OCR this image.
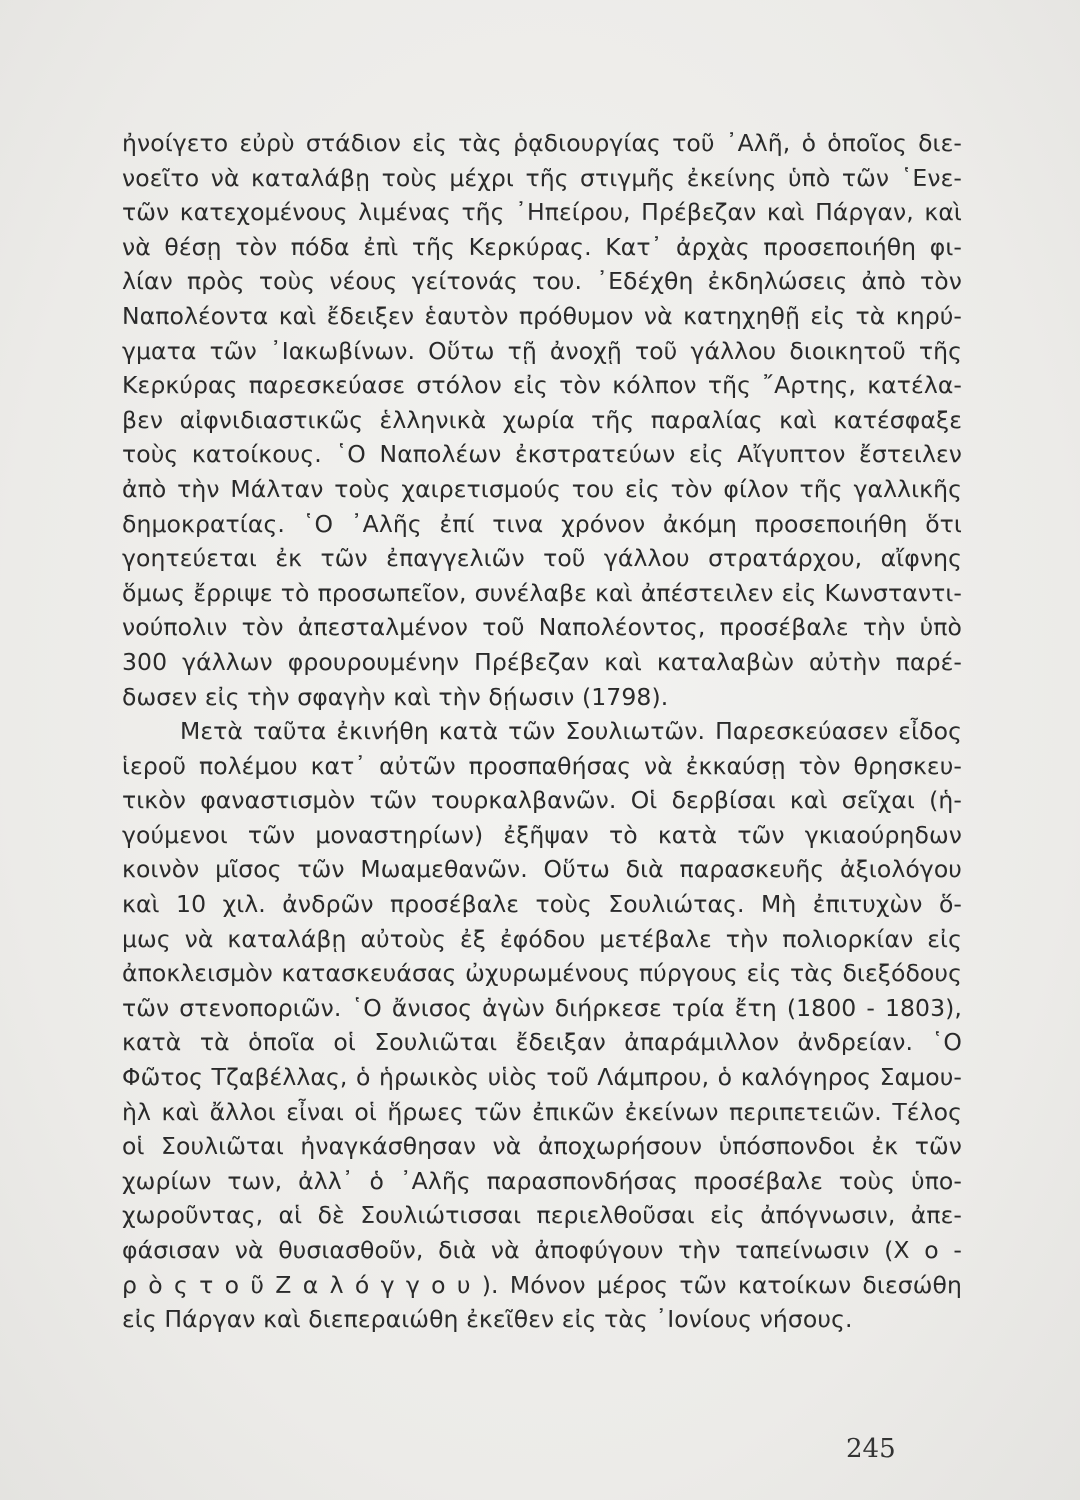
ἠνοίγετο εὐρὺ στάδιον εἰς τὰς ῥᾳδιουργίας τοῦ ᾿Αλῆ, ὁ ὁποῖος διε-
νοεῖτο νὰ καταλάβῃ τοὺς μέχρι τῆς στιγμῆς ἐκείνης ὑπὸ τῶν ῾Ενε-
τῶν κατεχομένους λιμένας τῆς ᾿Ηπείρου, Πρέβεζαν καὶ Πάργαν, καὶ
νὰ θέσῃ τὸν πόδα ἐπὶ τῆς Κερκύρας. Κατ᾿ ἀρχὰς προσεποιήθη φι-
λίαν πρὸς τοὺς νέους γείτονάς του. ᾿Εδέχθη ἐκδηλώσεις ἀπὸ τὸν
Ναπολέοντα καὶ ἔδειξεν ἑαυτὸν πρόθυμον νὰ κατηχηθῇ εἰς τὰ κηρύ-
γματα τῶν ᾿Ιακωβίνων. Οὕτω τῇ ἀνοχῇ τοῦ γάλλου διοικητοῦ τῆς
Κερκύρας παρεσκεύασε στόλον εἰς τὸν κόλπον τῆς ῎Αρτης, κατέλα-
βεν αἰφνιδιαστικῶς ἑλληνικὰ χωρία τῆς παραλίας καὶ κατέσφαξε
τοὺς κατοίκους. ῾Ο Ναπολέων ἐκστρατεύων εἰς Αἴγυπτον ἔστειλεν
ἀπὸ τὴν Μάλταν τοὺς χαιρετισμούς του εἰς τὸν φίλον τῆς γαλλικῆς
δημοκρατίας. ῾Ο ᾿Αλῆς ἐπί τινα χρόνον ἀκόμη προσεποιήθη ὅτι
γοητεύεται ἐκ τῶν ἐπαγγελιῶν τοῦ γάλλου στρατάρχου, αἴφνης
ὅμως ἔρριψε τὸ προσωπεῖον, συνέλαβε καὶ ἀπέστειλεν εἰς Κωνσταντι-
νούπολιν τὸν ἀπεσταλμένον τοῦ Ναπολέοντος, προσέβαλε τὴν ὑπὸ
300 γάλλων φρουρουμένην Πρέβεζαν καὶ καταλαβὼν αὐτὴν παρέ-
δωσεν εἰς τὴν σφαγὴν καὶ τὴν δῄωσιν (1798).
Μετὰ ταῦτα ἐκινήθη κατὰ τῶν Σουλιωτῶν. Παρεσκεύασεν εἶδος
ἱεροῦ πολέμου κατ᾿ αὐτῶν προσπαθήσας νὰ ἐκκαύσῃ τὸν θρησκευ-
τικὸν φαναστισμὸν τῶν τουρκαλβανῶν. Οἱ δερβίσαι καὶ σεῖχαι (ἡ-
γούμενοι τῶν μοναστηρίων) ἐξῆψαν τὸ κατὰ τῶν γκιαούρηδων
κοινὸν μῖσος τῶν Μωαμεθανῶν. Οὕτω διὰ παρασκευῆς ἀξιολόγου
καὶ 10 χιλ. ἀνδρῶν προσέβαλε τοὺς Σουλιώτας. Μὴ ἐπιτυχὼν ὅ-
μως νὰ καταλάβῃ αὐτοὺς ἐξ ἐφόδου μετέβαλε τὴν πολιορκίαν εἰς
ἀποκλεισμὸν κατασκευάσας ὠχυρωμένους πύργους εἰς τὰς διεξόδους
τῶν στενοποριῶν. ῾Ο ἄνισος ἀγὼν διήρκεσε τρία ἔτη (1800 - 1803),
κατὰ τὰ ὁποῖα οἱ Σουλιῶται ἔδειξαν ἀπαράμιλλον ἀνδρείαν. ῾Ο
Φῶτος Τζαβέλλας, ὁ ἡρωικὸς υἱὸς τοῦ Λάμπρου, ὁ καλόγηρος Σαμου-
ὴλ καὶ ἄλλοι εἶναι οἱ ἥρωες τῶν ἐπικῶν ἐκείνων περιπετειῶν. Τέλος
οἱ Σουλιῶται ἠναγκάσθησαν νὰ ἀποχωρήσουν ὑπόσπονδοι ἐκ τῶν
χωρίων των, ἀλλ᾿ ὁ ᾿Αλῆς παρασπονδήσας προσέβαλε τοὺς ὑπο-
χωροῦντας, αἱ δὲ Σουλιώτισσαι περιελθοῦσαι εἰς ἀπόγνωσιν, ἀπε-
φάσισαν νὰ θυσιασθοῦν, διὰ νὰ ἀποφύγουν τὴν ταπείνωσιν (Χ ο -
ρ ὸ ς τ ο ῦ Ζ α λ ό γ γ ο υ ). Μόνον μέρος τῶν κατοίκων διεσώθη
εἰς Πάργαν καὶ διεπεραιώθη ἐκεῖθεν εἰς τὰς ᾿Ιονίους νήσους.
245
